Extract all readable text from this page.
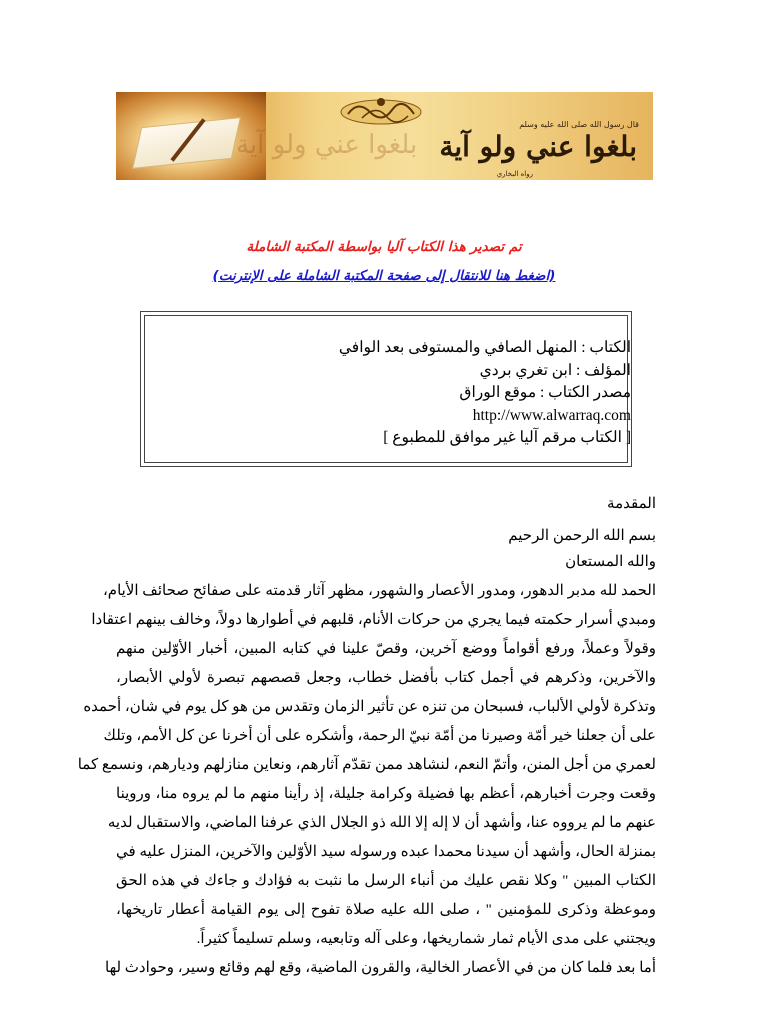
بلغوا عني ولو آية
قال رسول الله صلى الله عليه وسلم
بلغوا عني ولو آية
رواه البخاري
تم تصدير هذا الكتاب آليا بواسطة المكتبة الشاملة
(اضغط هنا للانتقال إلى صفحة المكتبة الشاملة على الإنترنت)
الكتاب : المنهل الصافي والمستوفى بعد الوافي
المؤلف : ابن تغري بردي
مصدر الكتاب : موقع الوراق
http://www.alwarraq.com
[ الكتاب مرقم آليا غير موافق للمطبوع ]
المقدمة
بسم الله الرحمن الرحيم
والله المستعان
الحمد لله مدبر الدهور، ومدور الأعصار والشهور، مظهر آثار قدمته على صفائح صحائف الأيام،
ومبدي أسرار حكمته فيما يجري من حركات الأنام، قلبهم في أطوارها دولاً، وخالف بينهم اعتقادا
وقولاً وعملاً، ورفع أقواماً ووضع آخرين، وقصّ علينا في كتابه المبين، أخبار الأوّلين منهم
والآخرين، وذكرهم في أجمل كتاب بأفضل خطاب، وجعل قصصهم تبصرة لأولي الأبصار،
وتذكرة لأولي الألباب، فسبحان من تنزه عن تأثير الزمان وتقدس من هو كل يوم في شان، أحمده
على أن جعلنا خير أمّة وصيرنا من أمّة نبيّ الرحمة، وأشكره على أن أخرنا عن كل الأمم، وتلك
لعمري من أجل المنن، وأتمّ النعم، لنشاهد ممن تقدّم آثارهم، ونعاين منازلهم وديارهم، ونسمع كما
وقعت وجرت أخبارهم، أعظم بها فضيلة وكرامة جليلة، إذ رأينا منهم ما لم يروه منا، وروينا
عنهم ما لم يرووه عنا، وأشهد أن لا إله إلا الله ذو الجلال الذي عرفنا الماضي، والاستقبال لديه
بمنزلة الحال، وأشهد أن سيدنا محمدا عبده ورسوله سيد الأوّلين والآخرين، المنزل عليه في
الكتاب المبين " وكلا نقص عليك من أنباء الرسل ما نثبت به فؤادك و جاءك في هذه الحق
وموعظة وذكرى للمؤمنين " ، صلى الله عليه صلاة تفوح إلى يوم القيامة أعطار تاريخها،
ويجتني على مدى الأيام ثمار شماريخها، وعلى آله وتابعيه، وسلم تسليماً كثيراً.
أما بعد فلما كان من في الأعصار الخالية، والقرون الماضية، وقع لهم وقائع وسير، وحوادث لها
